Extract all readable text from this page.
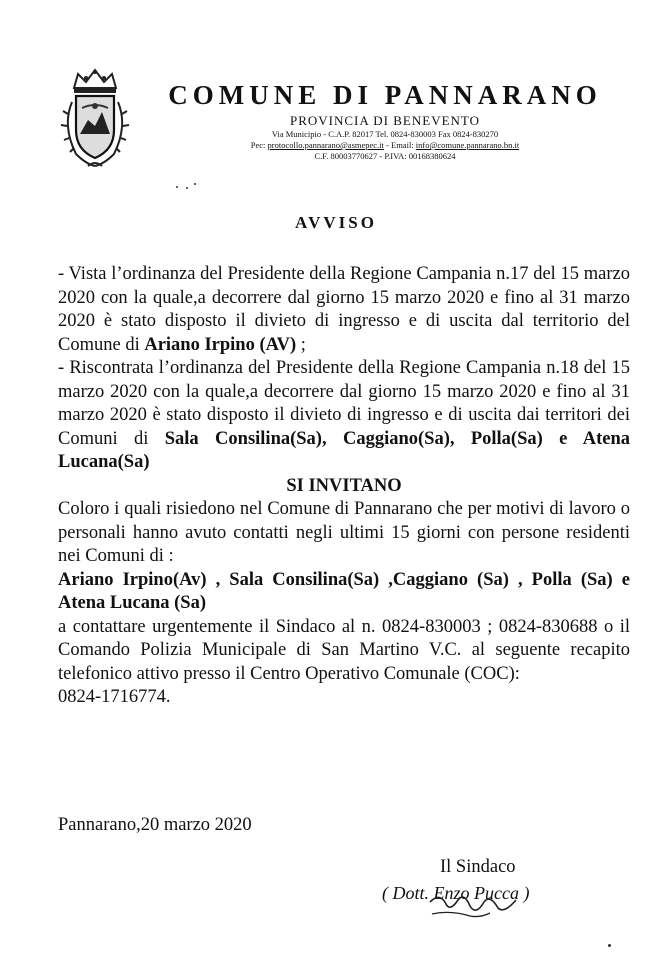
COMUNE DI PANNARANO
PROVINCIA DI BENEVENTO
Via Municipio - C.A.P. 82017 Tel. 0824-830003 Fax 0824-830270
Pec: protocollo.pannarano@asmepec.it - Email: info@comune.pannarano.bn.it
C.F. 80003770627 - P.IVA: 00168380624
AVVISO

- Vista l’ordinanza del Presidente della Regione Campania n.17 del 15 marzo 2020 con la quale,a decorrere dal giorno 15 marzo 2020 e fino al 31 marzo 2020 è stato disposto il divieto di ingresso e di uscita dal territorio del Comune di Ariano Irpino (AV) ;

- Riscontrata l’ordinanza del Presidente della Regione Campania n.18 del 15 marzo 2020 con la quale,a decorrere dal giorno 15 marzo 2020 e fino al 31 marzo 2020 è stato disposto il divieto di ingresso e di uscita dai territori dei Comuni di Sala Consilina(Sa), Caggiano(Sa), Polla(Sa) e Atena Lucana(Sa)

SI INVITANO

Coloro i quali risiedono nel Comune di Pannarano che per motivi di lavoro o personali hanno avuto contatti negli ultimi 15 giorni con persone residenti nei Comuni di :

Ariano Irpino(Av) , Sala Consilina(Sa) ,Caggiano (Sa) , Polla (Sa) e Atena Lucana (Sa)

a contattare urgentemente il Sindaco al n. 0824-830003 ; 0824-830688 o il Comando Polizia Municipale di San Martino V.C. al seguente recapito telefonico attivo presso il Centro Operativo Comunale (COC):

0824-1716774.

Pannarano,20 marzo 2020
Il Sindaco
( Dott. Enzo Pucca )
